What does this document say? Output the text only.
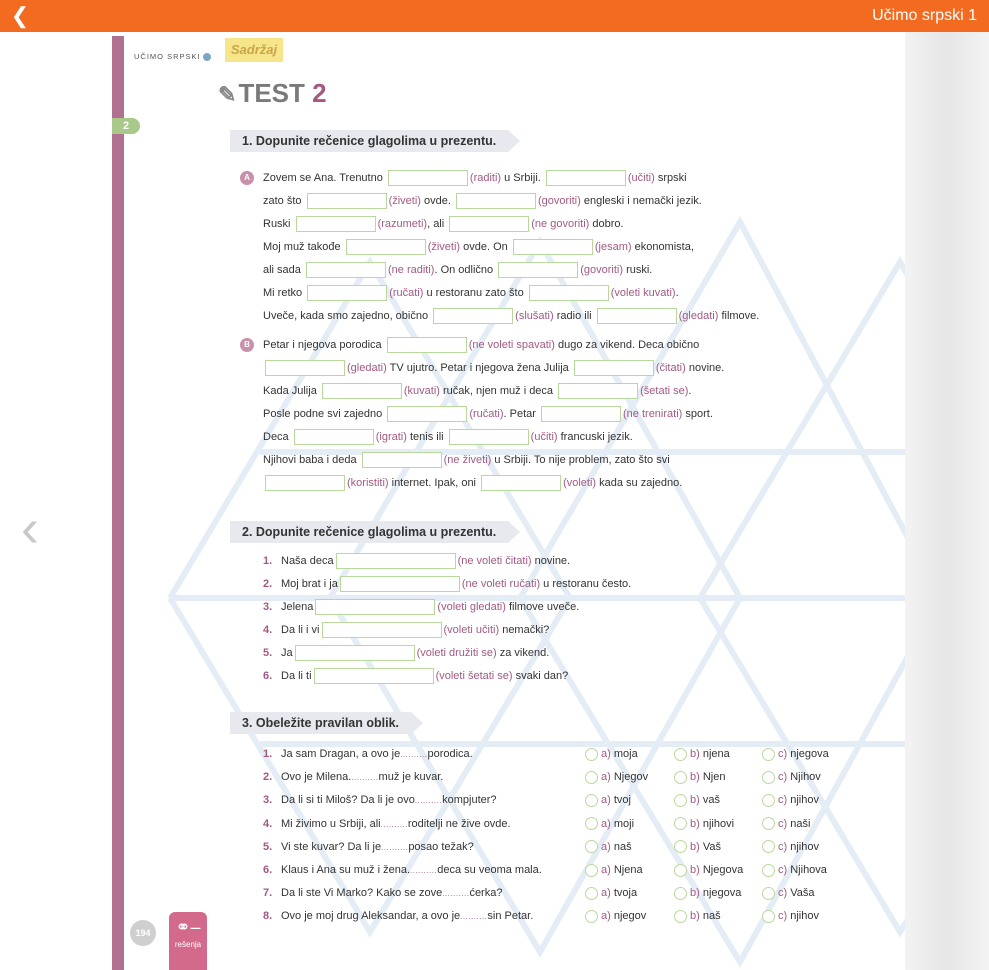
❮	Učimo srpski 1
‹
2
UČIMO SRPSKI	Sadržaj
✎TEST 2
1. Dopunite rečenice glagolima u prezentu.
A
B
Zovem se Ana. Trenutno	(raditi) u Srbiji.	(učiti) srpski
zato što	(živeti) ovde.	(govoriti) engleski i nemački jezik.
Ruski	(razumeti), ali	(ne govoriti) dobro.
Moj muž takođe	(živeti) ovde. On	(jesam) ekonomista,
ali sada	(ne raditi). On odlično	(govoriti) ruski.
Mi retko	(ručati) u restoranu zato što	(voleti kuvati).
Uveče, kada smo zajedno, obično	(slušati) radio ili	(gledati) filmove.
Petar i njegova porodica	(ne voleti spavati) dugo za vikend. Deca obično
(gledati) TV ujutro. Petar i njegova žena Julija	(čitati) novine.
Kada Julija	(kuvati) ručak, njen muž i deca	(šetati se).
Posle podne svi zajedno	(ručati). Petar	(ne trenirati) sport.
Deca	(igrati) tenis ili	(učiti) francuski jezik.
Njihovi baba i deda	(ne živeti) u Srbiji. To nije problem, zato što svi
(koristiti) internet. Ipak, oni	(voleti) kada su zajedno.
2. Dopunite rečenice glagolima u prezentu.
1. Naša deca	(ne voleti čitati) novine.
2. Moj brat i ja	(ne voleti ručati) u restoranu često.
3. Jelena	(voleti gledati) filmove uveče.
4. Da li i vi	(voleti učiti) nemački?
5. Ja	(voleti družiti se) za vikend.
6. Da li ti	(voleti šetati se) svaki dan?
3. Obeležite pravilan oblik.
1. Ja sam Dragan, a ovo je..........porodica.	a) moja	b) njena	c) njegova
2. Ovo je Milena...........muž je kuvar.	a) Njegov	b) Njen	c) Njihov
3. Da li si ti Miloš? Da li je ovo..........kompjuter?	a) tvoj	b) vaš	c) njihov
4. Mi živimo u Srbiji, ali..........roditelji ne žive ovde.	a) moji	b) njihovi	c) naši
5. Vi ste kuvar? Da li je..........posao težak?	a) naš	b) Vaš	c) njihov
6. Klaus i Ana su muž i žena...........deca su veoma mala.	a) Njena	b) Njegova	c) Njihova
7. Da li ste Vi Marko? Kako se zove..........ćerka?	a) tvoja	b) njegova	c) Vaša
8. Ovo je moj drug Aleksandar, a ovo je..........sin Petar.	a) njegov	b) naš	c) njihov
194	⚭–
rešenja
